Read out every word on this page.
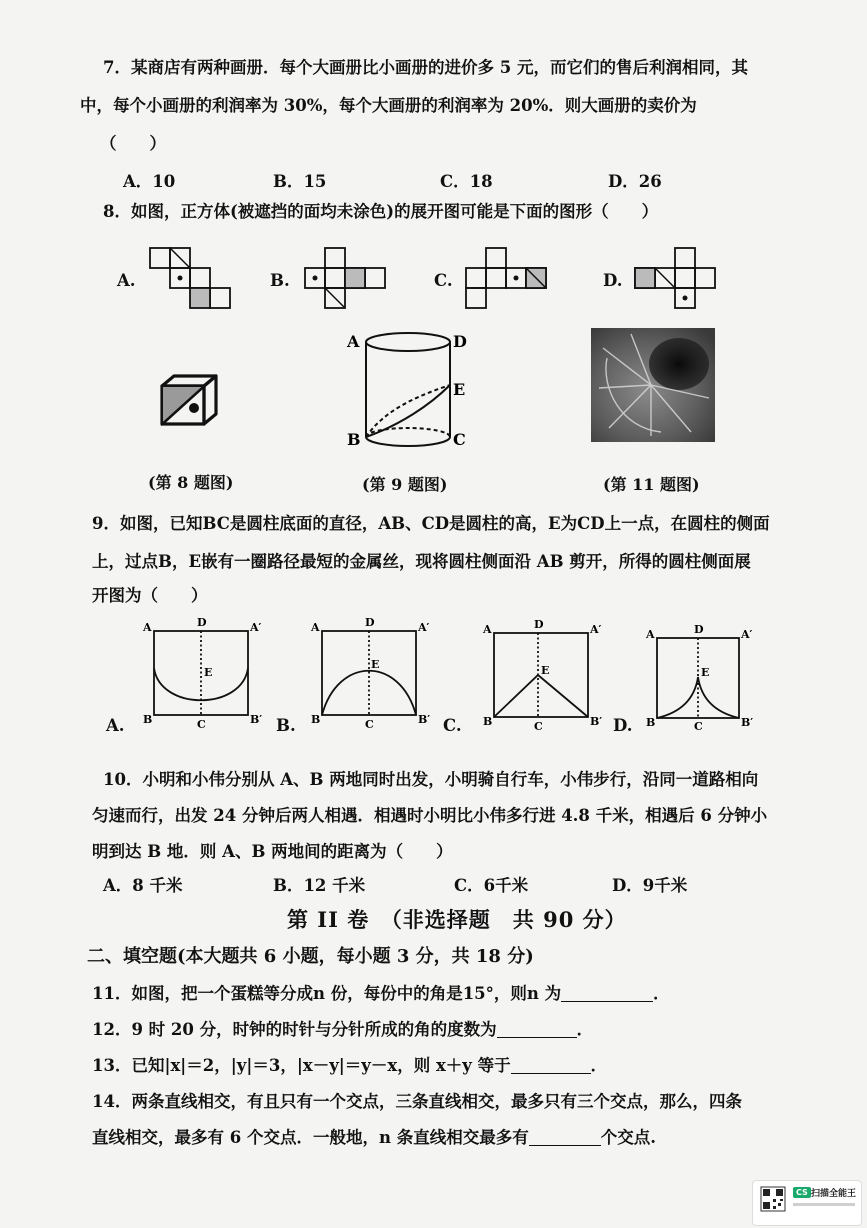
7．某商店有两种画册．每个大画册比小画册的进价多 5 元，而它们的售后利润相同，其
中，每个小画册的利润率为 30%，每个大画册的利润率为 20%．则大画册的卖价为
（　　）
A．10	B．15	C．18	D．26
8．如图，正方体(被遮挡的面均未涂色)的展开图可能是下面的图形（　　）
A.	B.	C.	D.
(第 8 题图)
A	D
E
B	C
(第 9 题图)	(第 11 题图)
9．如图，已知BC是圆柱底面的直径，AB、CD是圆柱的高，E为CD上一点，在圆柱的侧面
上，过点B，E嵌有一圈路径最短的金属丝，现将圆柱侧面沿 AB 剪开，所得的圆柱侧面展
开图为（　　）
A.
A	D	A′
E
B	C	B′ B.
A	D	A′
E
B	C	B′ C.
A	D	A′
E
B	C	B′ D.
A	D	A′
E
B	C	B′
10．小明和小伟分别从 A、B 两地同时出发，小明骑自行车，小伟步行，沿同一道路相向
匀速而行，出发 24 分钟后两人相遇．相遇时小明比小伟多行进 4.8 千米，相遇后 6 分钟小
明到达 B 地．则 A、B 两地间的距离为（　　）
A．8 千米	B．12 千米	C．6千米	D．9千米
第 II 卷　（非选择题　共 90 分）
二、填空题(本大题共 6 小题，每小题 3 分，共 18 分)
11．如图，把一个蛋糕等分成n 份，每份中的角是15°，则n 为	．
12．9 时 20 分，时钟的时针与分针所成的角的度数为	．
13．已知|x|＝2，|y|＝3，|x－y|＝y－x，则 x＋y 等于	．
14．两条直线相交，有且只有一个交点，三条直线相交，最多只有三个交点，那么，四条
直线相交，最多有 6 个交点．一般地，n 条直线相交最多有	个交点.
CS 扫描全能王
